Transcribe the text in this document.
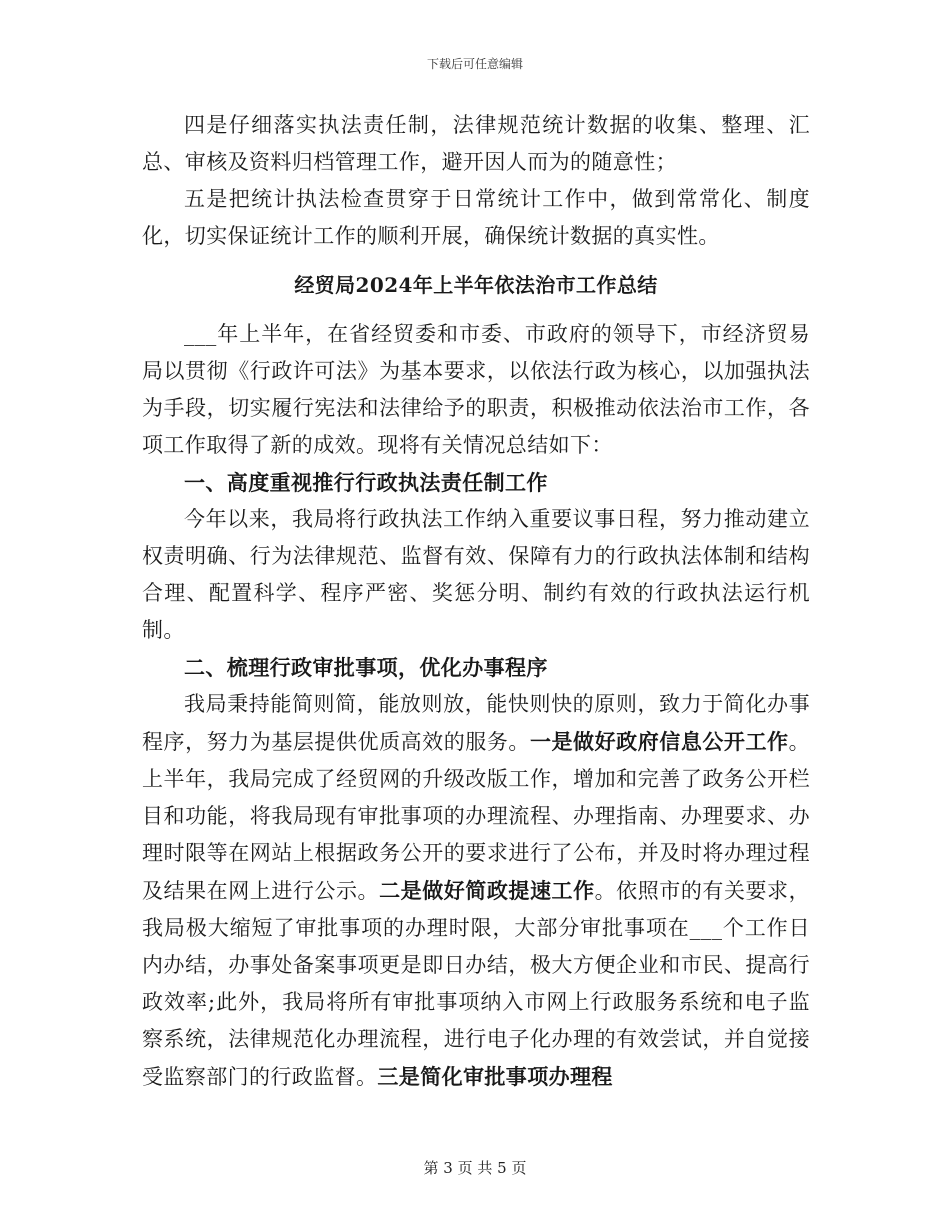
下载后可任意编辑

四是仔细落实执法责任制，法律规范统计数据的收集、整理、汇总、审核及资料归档管理工作，避开因人而为的随意性；

五是把统计执法检查贯穿于日常统计工作中，做到常常化、制度化，切实保证统计工作的顺利开展，确保统计数据的真实性。

经贸局2024年上半年依法治市工作总结

___年上半年，在省经贸委和市委、市政府的领导下，市经济贸易局以贯彻《行政许可法》为基本要求，以依法行政为核心，以加强执法为手段，切实履行宪法和法律给予的职责，积极推动依法治市工作，各项工作取得了新的成效。现将有关情况总结如下：

一、高度重视推行行政执法责任制工作

今年以来，我局将行政执法工作纳入重要议事日程，努力推动建立权责明确、行为法律规范、监督有效、保障有力的行政执法体制和结构合理、配置科学、程序严密、奖惩分明、制约有效的行政执法运行机制。

二、梳理行政审批事项，优化办事程序

我局秉持能简则简，能放则放，能快则快的原则，致力于简化办事程序，努力为基层提供优质高效的服务。一是做好政府信息公开工作。上半年，我局完成了经贸网的升级改版工作，增加和完善了政务公开栏目和功能，将我局现有审批事项的办理流程、办理指南、办理要求、办理时限等在网站上根据政务公开的要求进行了公布，并及时将办理过程及结果在网上进行公示。二是做好简政提速工作。依照市的有关要求，我局极大缩短了审批事项的办理时限，大部分审批事项在___个工作日内办结，办事处备案事项更是即日办结，极大方便企业和市民、提高行政效率;此外，我局将所有审批事项纳入市网上行政服务系统和电子监察系统，法律规范化办理流程，进行电子化办理的有效尝试，并自觉接受监察部门的行政监督。三是简化审批事项办理程

第 3 页 共 5 页
